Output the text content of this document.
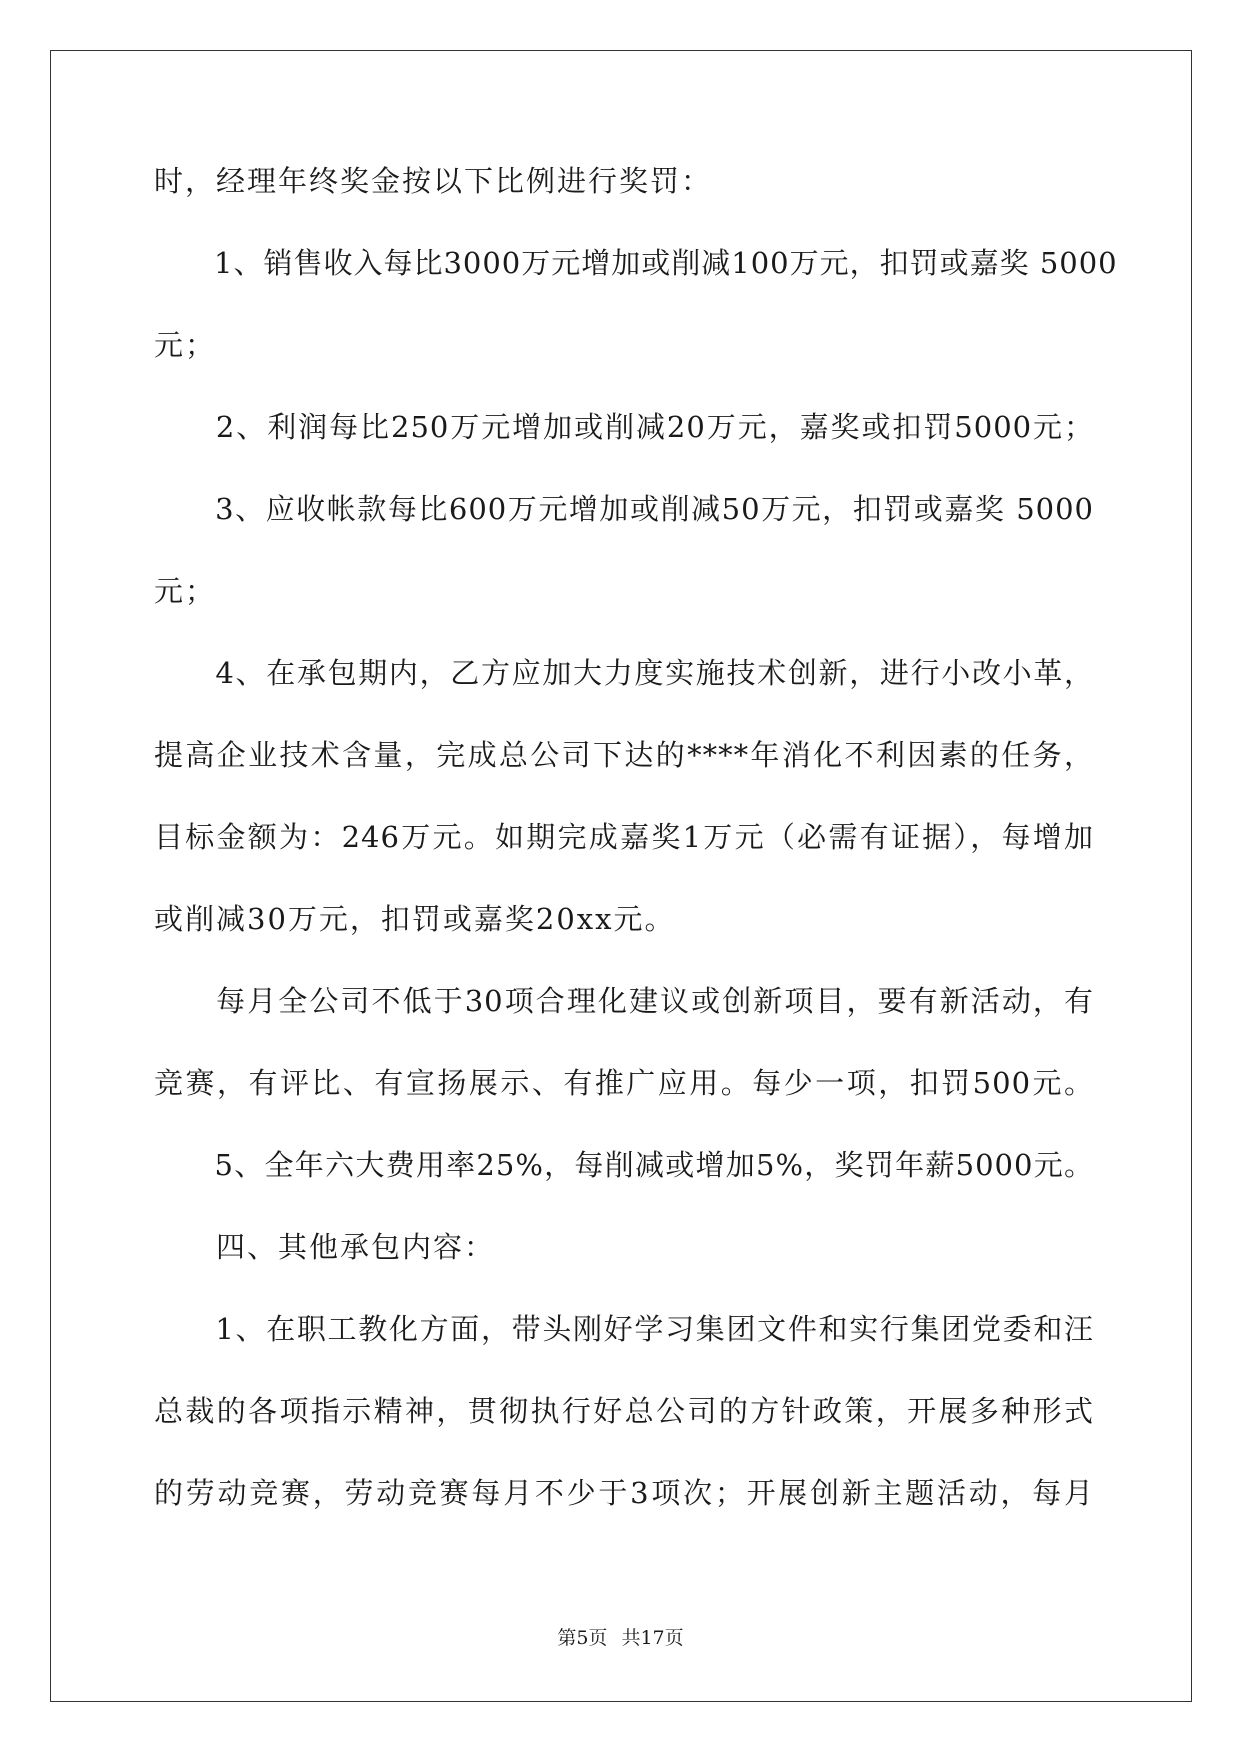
时，经理年终奖金按以下比例进行奖罚：
　　1、销售收入每比3000万元增加或削减100万元，扣罚或嘉奖 5000
元；
　　2、利润每比250万元增加或削减20万元，嘉奖或扣罚5000元；
　　3、应收帐款每比600万元增加或削减50万元，扣罚或嘉奖 5000
元；
　　4、在承包期内，乙方应加大力度实施技术创新，进行小改小革，
提高企业技术含量，完成总公司下达的****年消化不利因素的任务，
目标金额为：246万元。如期完成嘉奖1万元（必需有证据），每增加
或削减30万元，扣罚或嘉奖20xx元。
　　每月全公司不低于30项合理化建议或创新项目，要有新活动，有
竞赛，有评比、有宣扬展示、有推广应用。每少一项，扣罚500元。
　　5、全年六大费用率25%，每削减或增加5%，奖罚年薪5000元。
　　四、其他承包内容：
　　1、在职工教化方面，带头刚好学习集团文件和实行集团党委和汪
总裁的各项指示精神，贯彻执行好总公司的方针政策，开展多种形式
的劳动竞赛，劳动竞赛每月不少于3项次；开展创新主题活动，每月
第5页 共17页
